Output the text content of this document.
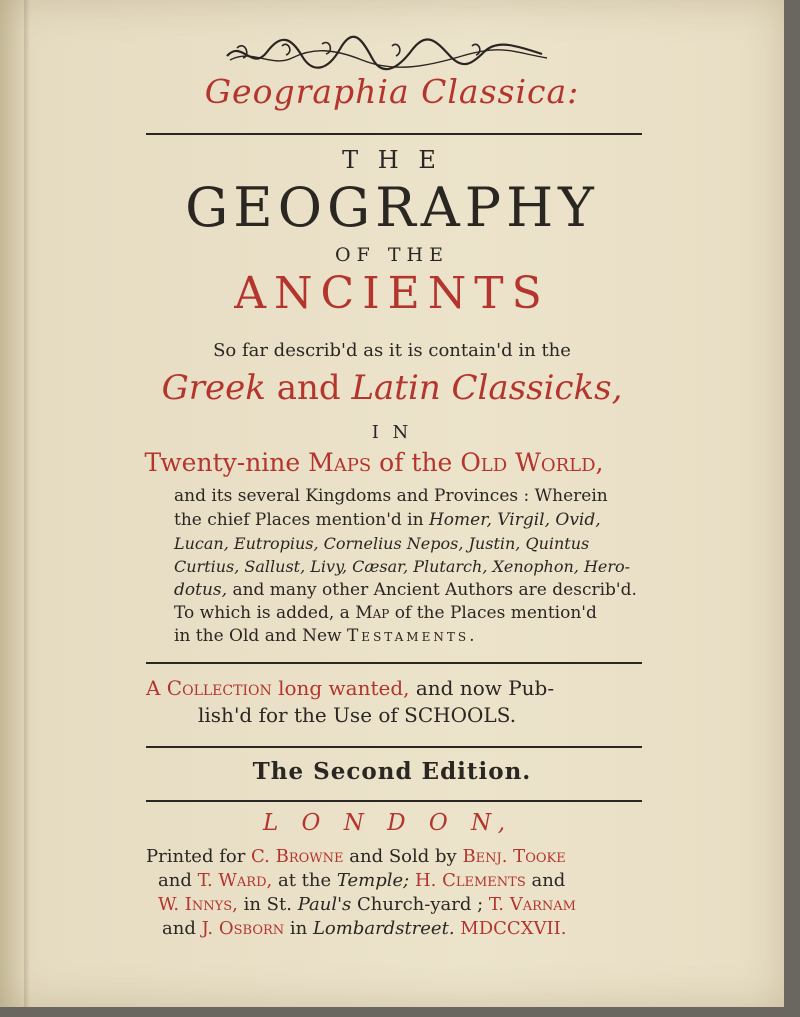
Geographia Classica:
T H E
GEOGRAPHY
OF THE
ANCIENTS
So far describ'd as it is contain'd in the
Greek and Latin Classicks,
I N
Twenty-nine Maps of the Old World,
and its several Kingdoms and Provinces : Wherein
the chief Places mention'd in Homer, Virgil, Ovid,
Lucan, Eutropius, Cornelius Nepos, Justin, Quintus
Curtius, Sallust, Livy, Cæsar, Plutarch, Xenophon, Hero-
dotus, and many other Ancient Authors are describ'd.
To which is added, a Map of the Places mention'd
in the Old and New Testaments.
A Collection long wanted, and now Pub-
lish'd for the Use of SCHOOLS.
The Second Edition.
L O N D O N,
Printed for C. Browne and Sold by Benj. Tooke
and T. Ward, at the Temple; H. Clements and
W. Innys, in St. Paul's Church-yard ; T. Varnam
and J. Osborn in Lombardstreet. MDCCXVII.
